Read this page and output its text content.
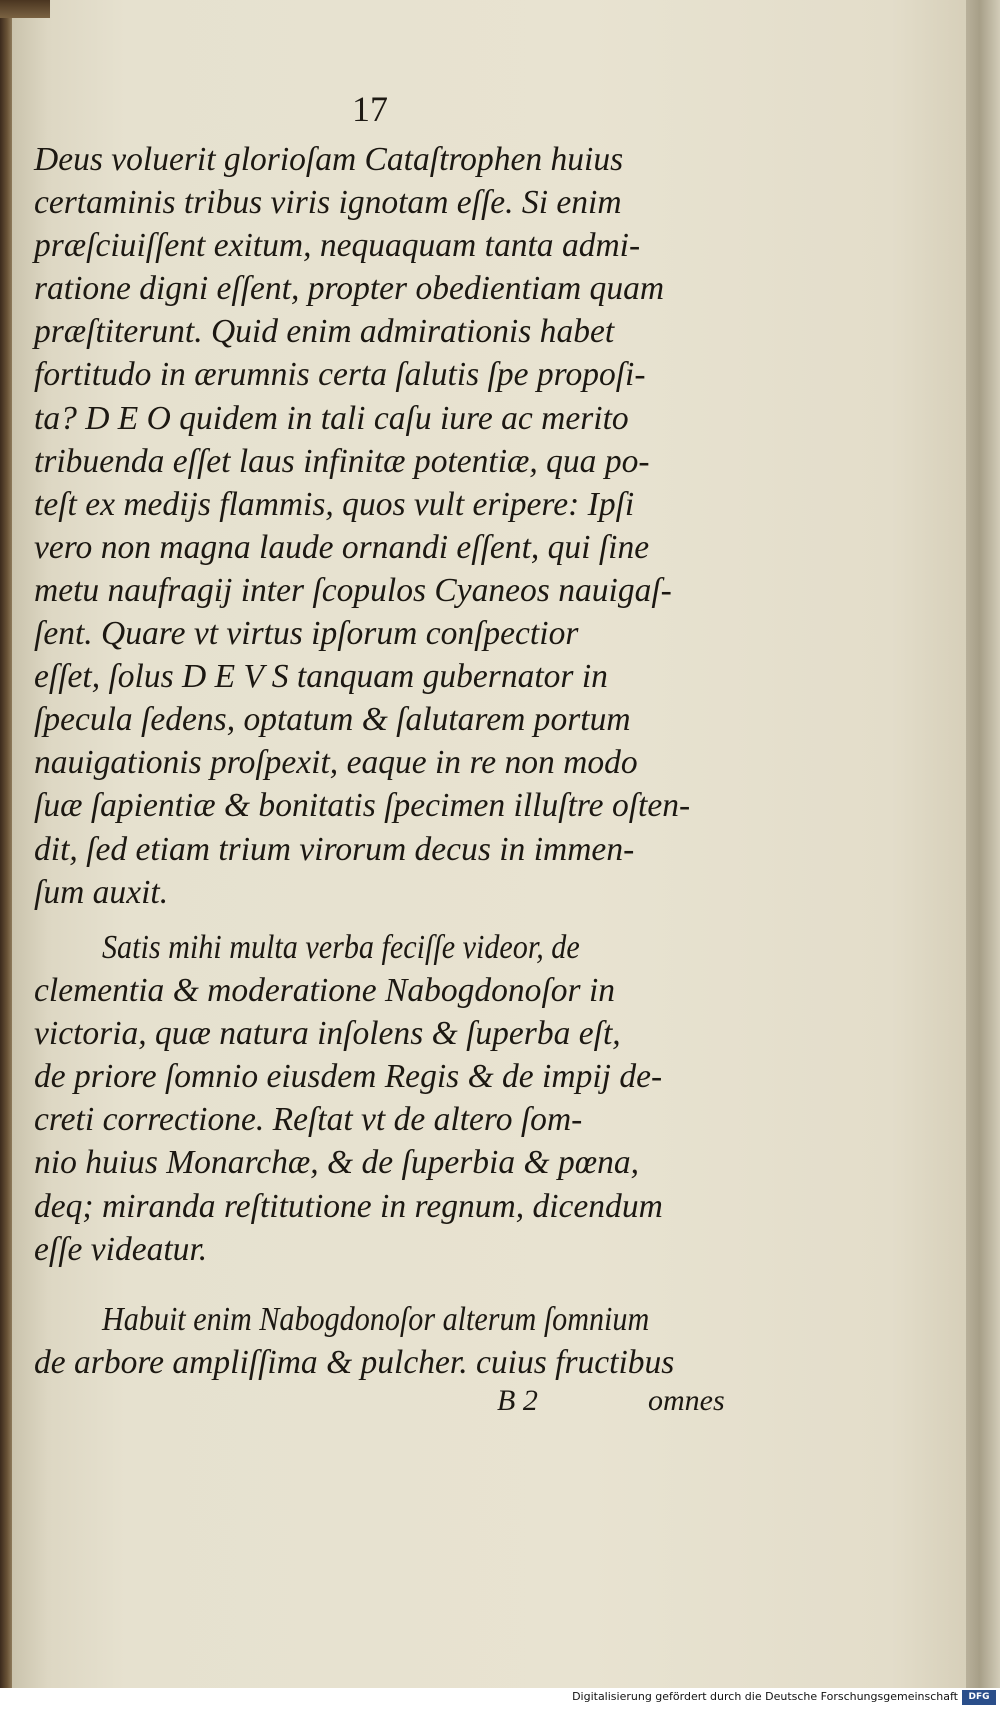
17
Deus voluerit glorioſam Cataſtrophen huius
certaminis tribus viris ignotam eſſe. Si enim
præſciuiſſent exitum, nequaquam tanta admi-
ratione digni eſſent, propter obedientiam quam
præſtiterunt. Quid enim admirationis habet
fortitudo in ærumnis certa ſalutis ſpe propoſi-
ta? D E O quidem in tali caſu iure ac merito
tribuenda eſſet laus infinitæ potentiæ, qua po-
teſt ex medijs flammis, quos vult eripere: Ipſi
vero non magna laude ornandi eſſent, qui ſine
metu naufragij inter ſcopulos Cyaneos nauigaſ-
ſent. Quare vt virtus ipſorum conſpectior
eſſet, ſolus D E V S tanquam gubernator in
ſpecula ſedens, optatum & ſalutarem portum
nauigationis proſpexit, eaque in re non modo
ſuæ ſapientiæ & bonitatis ſpecimen illuſtre oſten-
dit, ſed etiam trium virorum decus in immen-
ſum auxit.
Satis mihi multa verba feciſſe videor, de
clementia & moderatione Nabogdonoſor in
victoria, quæ natura inſolens & ſuperba eſt,
de priore ſomnio eiusdem Regis & de impij de-
creti correctione. Reſtat vt de altero ſom-
nio huius Monarchæ, & de ſuperbia & pœna,
deq; miranda reſtitutione in regnum, dicendum
eſſe videatur.
Habuit enim Nabogdonoſor alterum ſomnium
de arbore ampliſſima & pulcher. cuius fructibus
B 2	omnes
Digitalisierung gefördert durch die Deutsche Forschungsgemeinschaft	DFG
